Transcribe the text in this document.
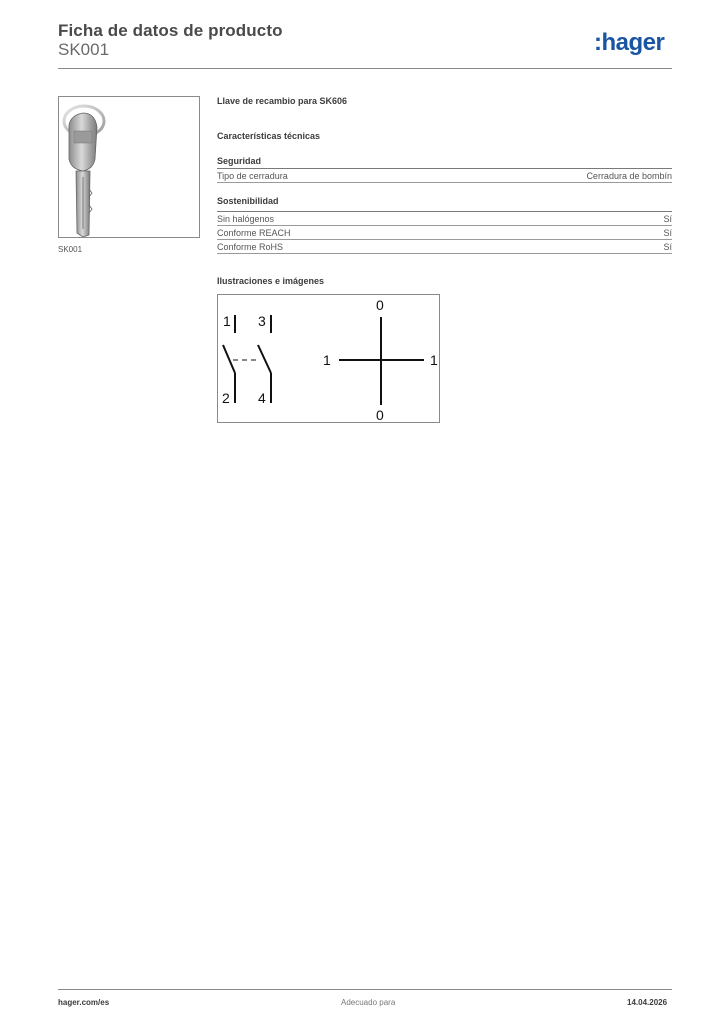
Ficha de datos de producto
SK001	:hager
SK001
Llave de recambio para SK606
Características técnicas
Seguridad
Tipo de cerradura	Cerradura de bombín
Sostenibilidad
Sin halógenos	Sí
Conforme REACH	Sí
Conforme RoHS	Sí
Ilustraciones e imágenes
1 3
2 4
0
1	1
0
hager.com/es	Adecuado para	14.04.2026
